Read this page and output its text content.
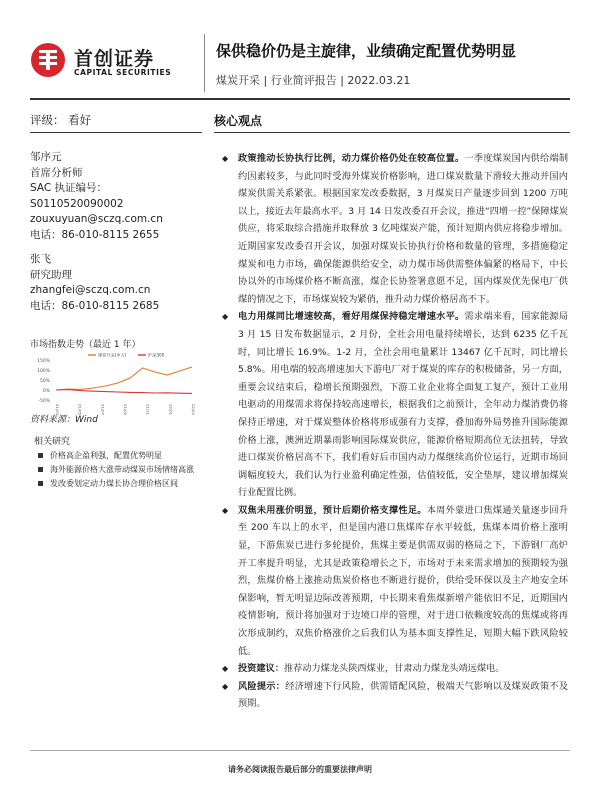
首创证券
CAPITAL SECURITIES
保供稳价仍是主旋律，业绩确定配置优势明显
煤炭开采 | 行业简评报告 | 2022.03.21
评级： 看好	核心观点
邹序元
首席分析师
SAC 执证编号：
S0110520090002
zouxuyuan@sczq.com.cn
电话：86-010-8115 2655
张飞
研究助理
zhangfei@sczq.com.cn
电话：86-010-8115 2685
市场指数走势（最近 1 年）
150%
100%
50%
0%
-50%
21/03	21/05	21/07	21/09	21/11	22/01	22/03
煤炭开采(申万)	沪深300
资料来源：Wind
相关研究
价格高企盈利强，配置优势明显
海外能源价格大涨带动煤炭市场情绪高涨
发改委划定动力煤长协合理价格区间
◆ 政策推动长协执行比例，动力煤价格仍处在较高位置。一季度煤炭国内供给端制约因素较多，与此同时受海外煤炭价格影响，进口煤炭数量下滑较大推动并国内煤炭供需关系紧张。根据国家发改委数据，3 月煤炭日产量逐步回到 1200 万吨以上，接近去年最高水平。3 月 14 日发改委召开会议，推进“四增一控”保障煤炭供应，将采取综合措施并取释放 3 亿吨煤炭产能，预计短期内供应将稳步增加。近期国家发改委召开会议，加强对煤炭长协执行价格和数量的管理，多措施稳定煤炭和电力市场，确保能源供给安全，动力煤市场供需整体偏紧的格局下，中长协以外的市场煤价格不断高涨，煤企长协签署意愿不足，国内煤炭优先保电厂供煤的情况之下，市场煤炭较为紧俏，推升动力煤价格居高不下。
◆ 电力用煤同比增速较高，看好用煤保持稳定增速水平。需求端来看，国家能源局 3 月 15 日发布数据显示，2 月份，全社会用电量持续增长，达到 6235 亿千瓦时，同比增长 16.9%。1-2 月，全社会用电量累计 13467 亿千瓦时，同比增长 5.8%。用电端的较高增速加大下游电厂对于煤炭的库存的积极储备，另一方面，重要会议结束后，稳增长预期强烈，下游工业企业将全面复工复产，预计工业用电驱动的用煤需求将保持较高速增长，根据我们之前预计，全年动力煤消费仍将保持正增速，对于煤炭整体价格将形成强有力支撑，叠加海外局势推升国际能源价格上涨，澳洲近期暴雨影响国际煤炭供应，能源价格短期高位无法扭转，导致进口煤炭价格居高不下，我们看好后市国内动力煤继续高价位运行，近期市场回调幅度较大，我们认为行业盈利确定性强，估值较低，安全垫厚，建议增加煤炭行业配置比例。
◆ 双焦未用涨价明显，预计后期价格支撑性足。本周外蒙进口焦煤通关量逐步回升至 200 车以上的水平，但是国内港口焦煤库存水平较低，焦煤本周价格上涨明显，下游焦炭已进行多轮提价，焦煤主要是供需双弱的格局之下，下游钢厂高炉开工率提升明显，尤其是政策稳增长之下，市场对于未来需求增加的预期较为强烈，焦煤价格上涨推动焦炭价格也不断进行提价，供给受环保以及主产地安全环保影响，暂无明显边际改善预期，中长期来看焦煤新增产能依旧不足，近期国内疫情影响，预计将加强对于边境口岸的管理，对于进口依赖度较高的焦煤或将再次形成制约，双焦价格涨价之后我们认为基本面支撑性足，短期大幅下跌风险较低。
◆ 投资建议：推荐动力煤龙头陕西煤业，甘肃动力煤龙头靖远煤电。
◆ 风险提示：经济增速下行风险，供需错配风险，极端天气影响以及煤炭政策不及预期。
请务必阅读报告最后部分的重要法律声明
